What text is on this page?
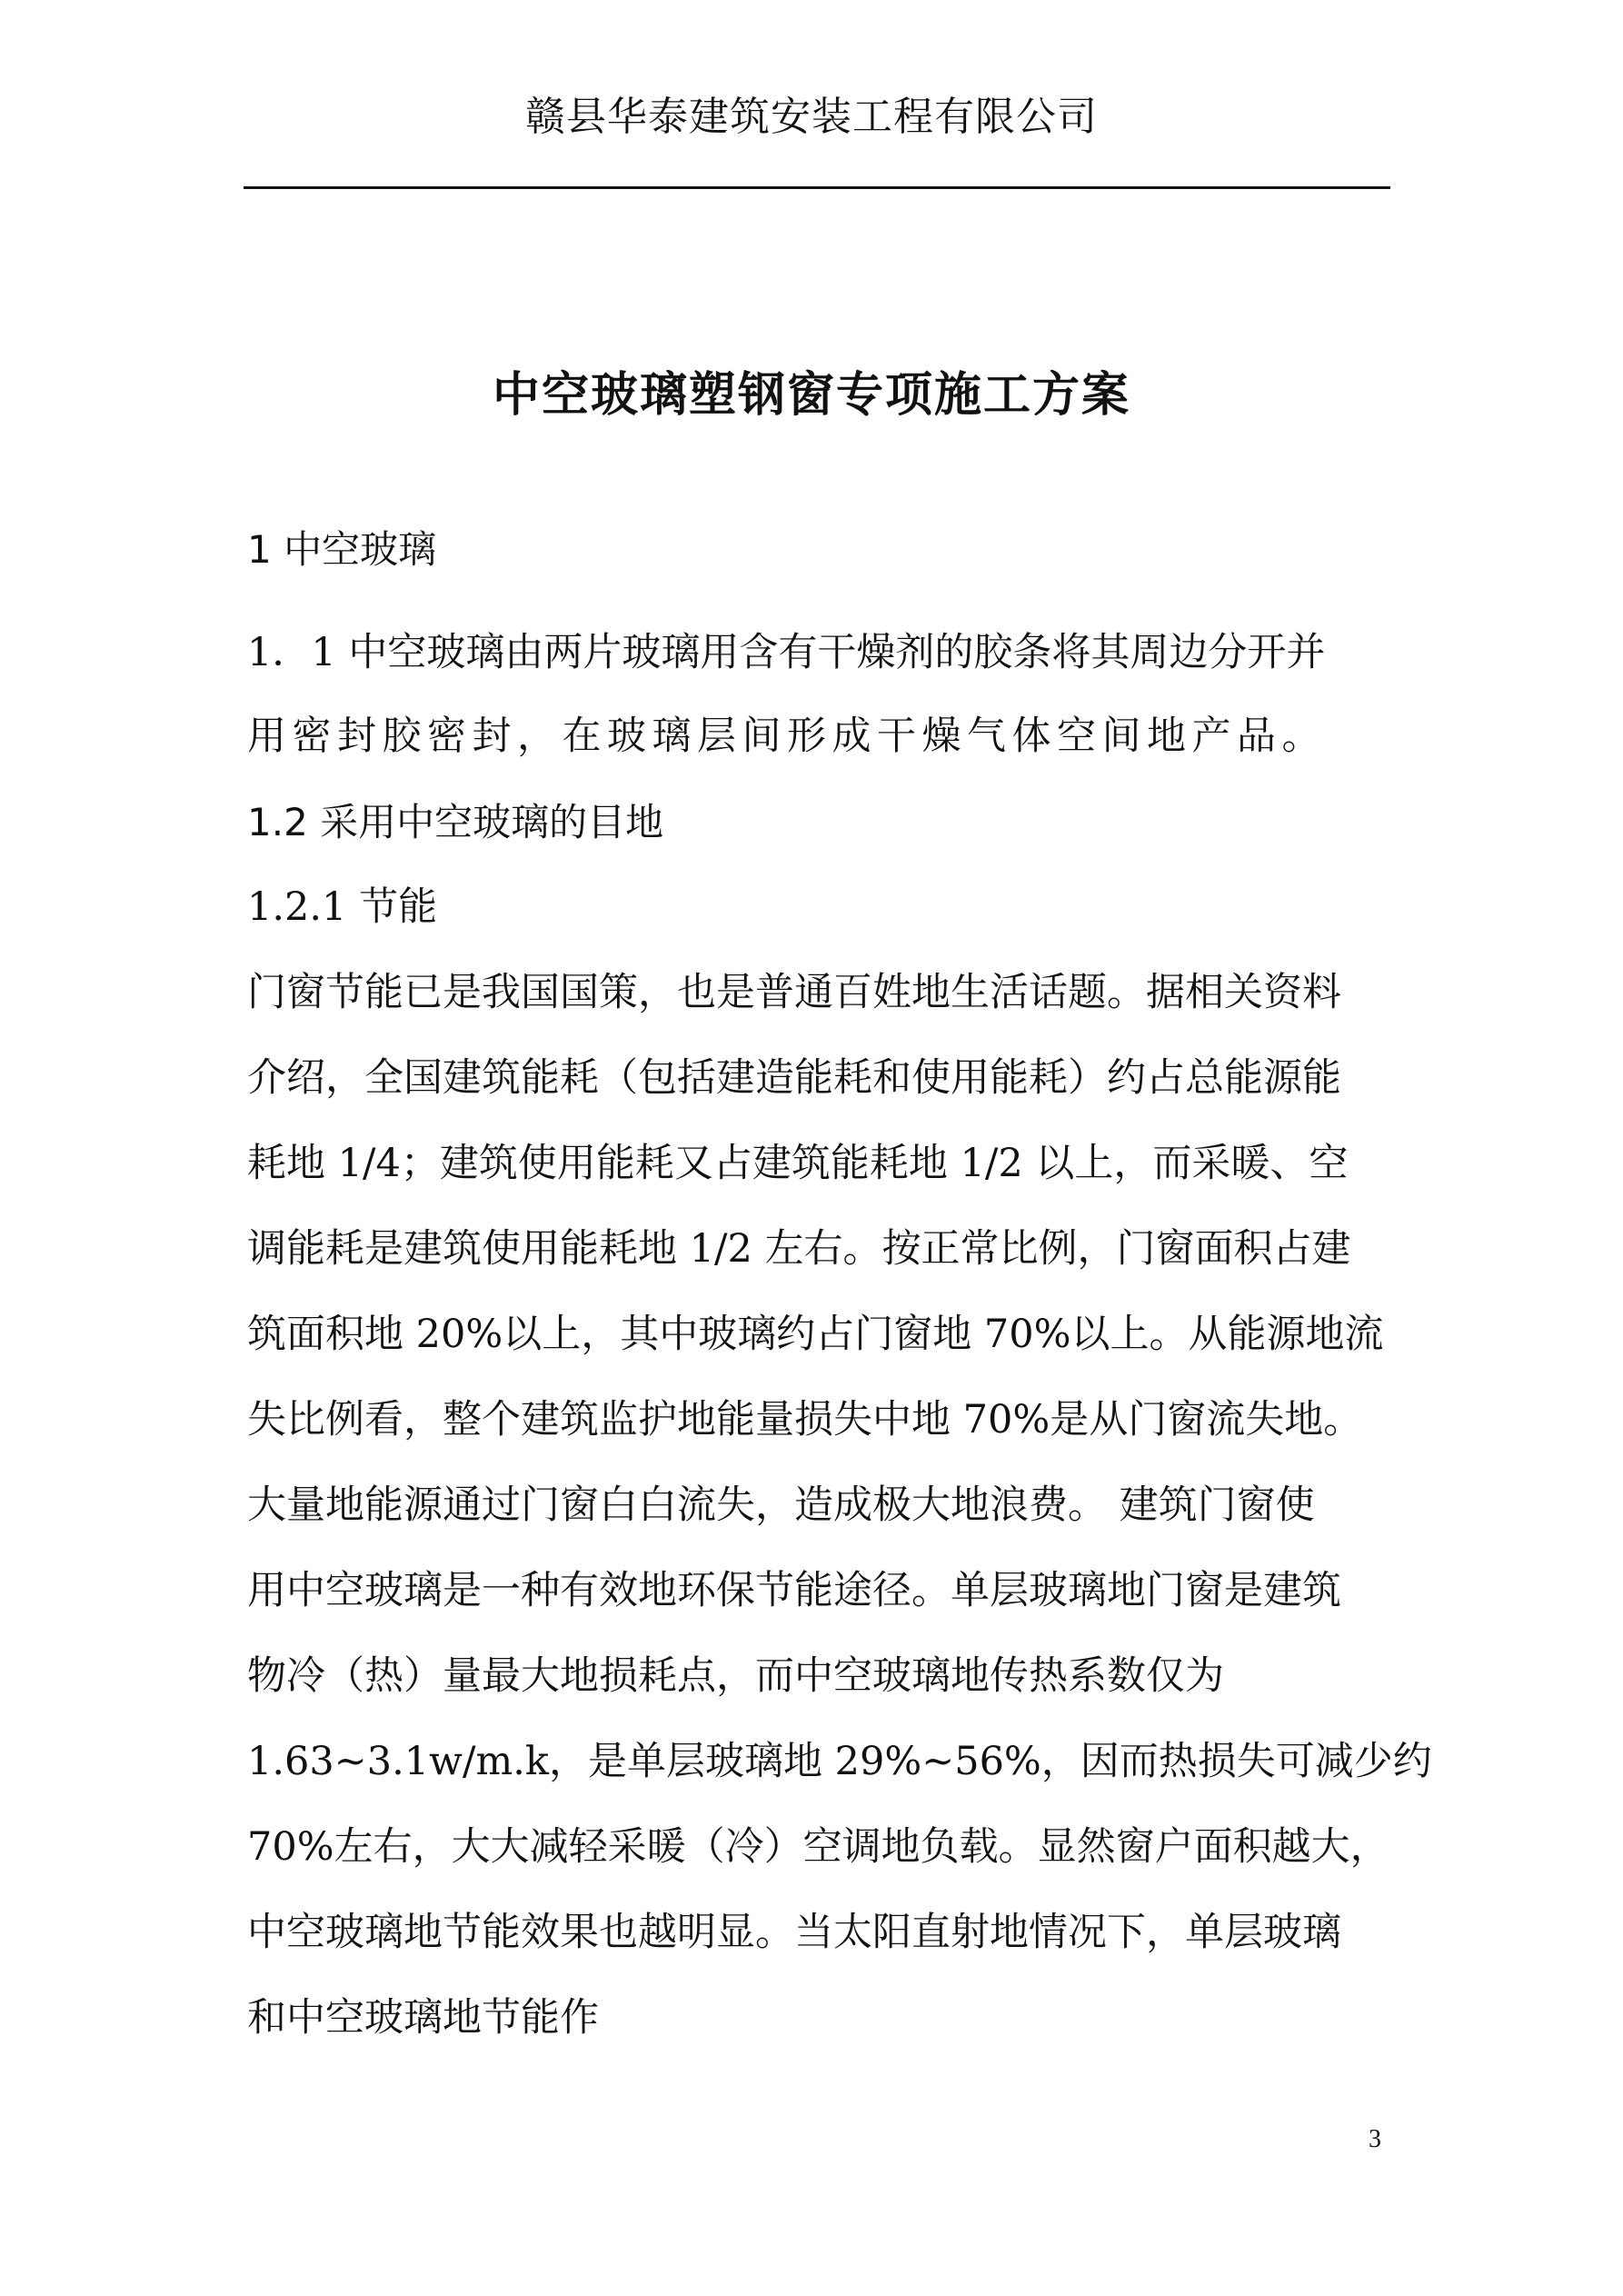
赣县华泰建筑安装工程有限公司
中空玻璃塑钢窗专项施工方案
1 中空玻璃
1．1 中空玻璃由两片玻璃用含有干燥剂的胶条将其周边分开并
用密封胶密封，在玻璃层间形成干燥气体空间地产品。
1.2 采用中空玻璃的目地
1.2.1 节能
门窗节能已是我国国策，也是普通百姓地生活话题。据相关资料
介绍，全国建筑能耗（包括建造能耗和使用能耗）约占总能源能
耗地 1/4；建筑使用能耗又占建筑能耗地 1/2 以上，而采暖、空
调能耗是建筑使用能耗地 1/2 左右。按正常比例，门窗面积占建
筑面积地 20%以上，其中玻璃约占门窗地 70%以上。从能源地流
失比例看，整个建筑监护地能量损失中地 70%是从门窗流失地。
大量地能源通过门窗白白流失，造成极大地浪费。 建筑门窗使
用中空玻璃是一种有效地环保节能途径。单层玻璃地门窗是建筑
物冷（热）量最大地损耗点，而中空玻璃地传热系数仅为
1.63~3.1w/m.k，是单层玻璃地 29%~56%，因而热损失可减少约
70%左右，大大减轻采暖（冷）空调地负载。显然窗户面积越大，
中空玻璃地节能效果也越明显。当太阳直射地情况下，单层玻璃
和中空玻璃地节能作
3
